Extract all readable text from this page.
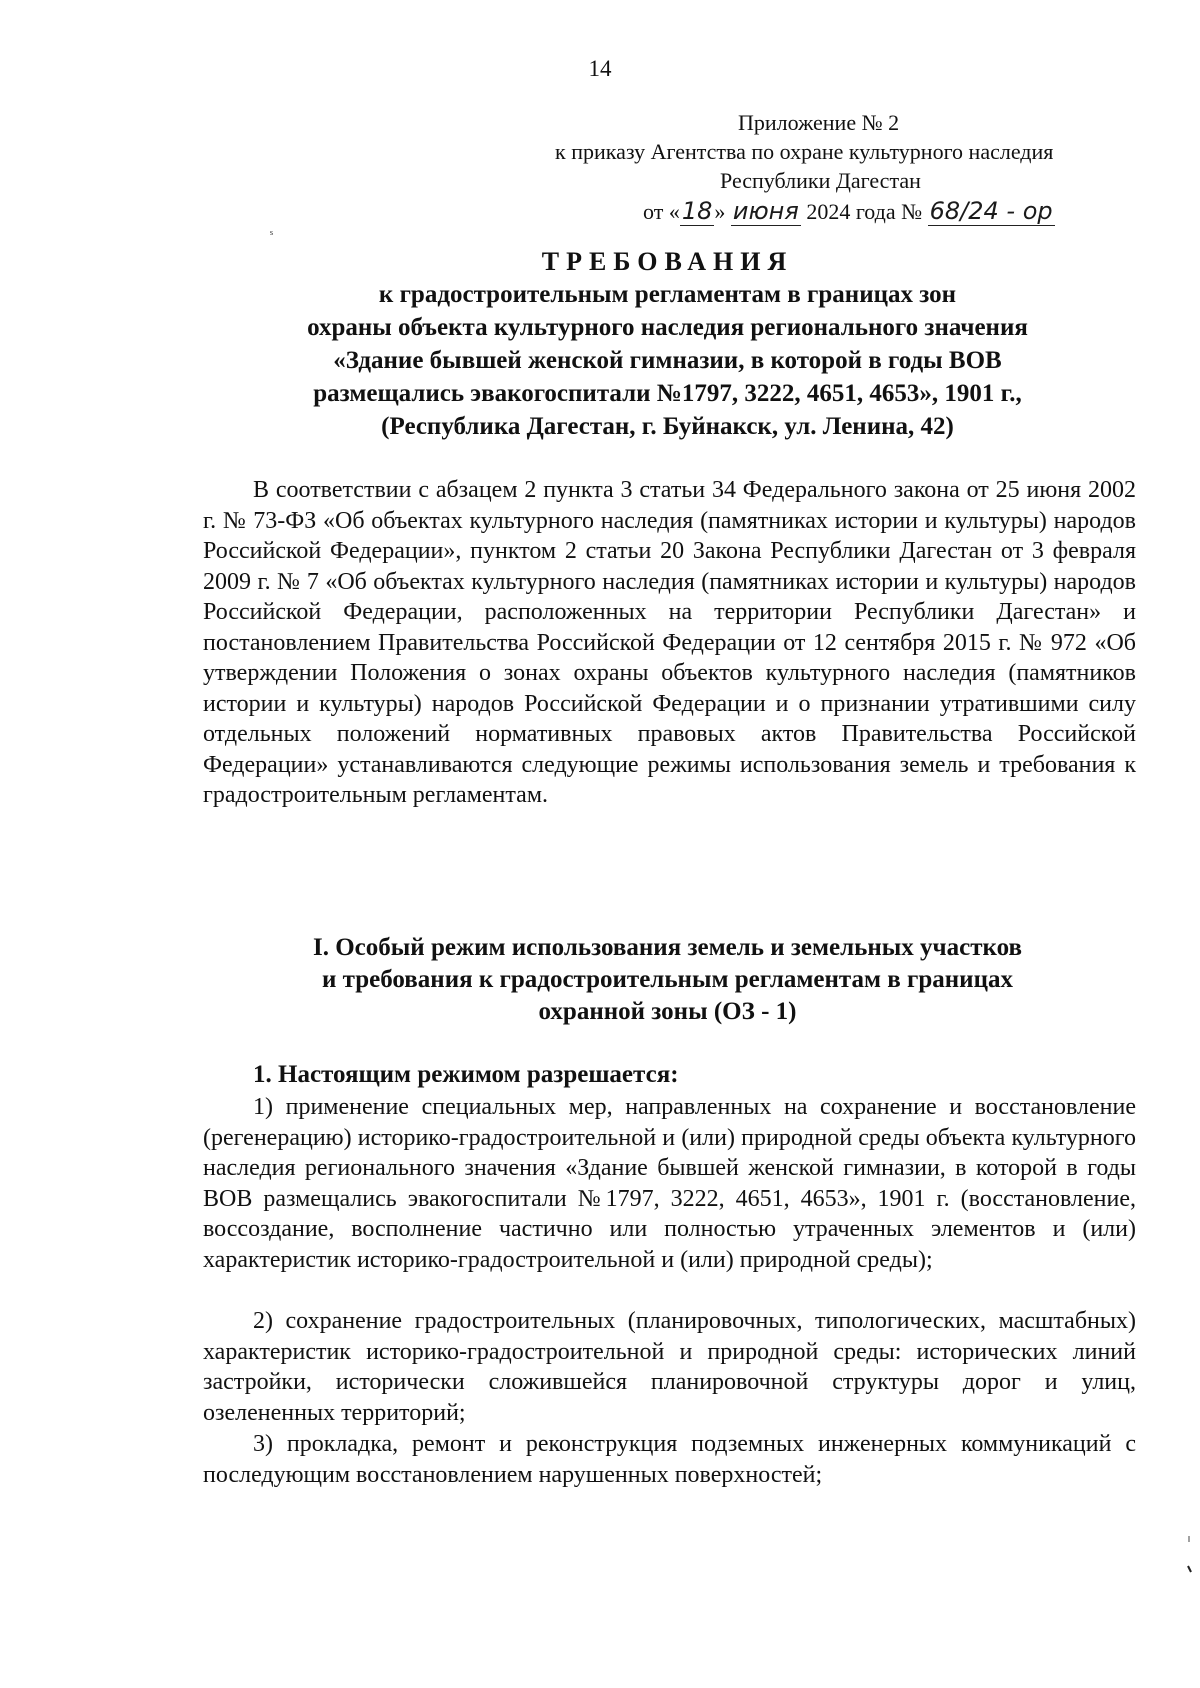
14
ˢ
Приложение № 2
к приказу Агентства по охране культурного наследия
Республики Дагестан
от «18» июня 2024 года № 68/24 - ор
ТРЕБОВАНИЯ
к градостроительным регламентам в границах зон
охраны объекта культурного наследия регионального значения
«Здание бывшей женской гимназии, в которой в годы ВОВ
размещались эвакогоспитали №1797, 3222, 4651, 4653», 1901 г.,
(Республика Дагестан, г. Буйнакск, ул. Ленина, 42)
В соответствии с абзацем 2 пункта 3 статьи 34 Федерального закона от 25 июня 2002 г. № 73-ФЗ «Об объектах культурного наследия (памятниках истории и культуры) народов Российской Федерации», пунктом 2 статьи 20 Закона Республики Дагестан от 3 февраля 2009 г. № 7 «Об объектах культурного наследия (памятниках истории и культуры) народов Российской Федерации, расположенных на территории Республики Дагестан» и постановлением Правительства Российской Федерации от 12 сентября 2015 г. № 972 «Об утверждении Положения о зонах охраны объектов культурного наследия (памятников истории и культуры) народов Российской Федерации и о признании утратившими силу отдельных положений нормативных правовых актов Правительства Российской Федерации» устанавливаются следующие режимы использования земель и требования к градостроительным регламентам.
I. Особый режим использования земель и земельных участков
и требования к градостроительным регламентам в границах
охранной зоны (ОЗ - 1)
1. Настоящим режимом разрешается:
1) применение специальных мер, направленных на сохранение и восстановление (регенерацию) историко-градостроительной и (или) природной среды объекта культурного наследия регионального значения «Здание бывшей женской гимназии, в которой в годы ВОВ размещались эвакогоспитали №1797, 3222, 4651, 4653», 1901 г. (восстановление, воссоздание, восполнение частично или полностью утраченных элементов и (или) характеристик историко-градостроительной и (или) природной среды);
2) сохранение градостроительных (планировочных, типологических, масштабных) характеристик историко-градостроительной и природной среды: исторических линий застройки, исторически сложившейся планировочной структуры дорог и улиц, озелененных территорий;
3) прокладка, ремонт и реконструкция подземных инженерных коммуникаций с последующим восстановлением нарушенных поверхностей;
